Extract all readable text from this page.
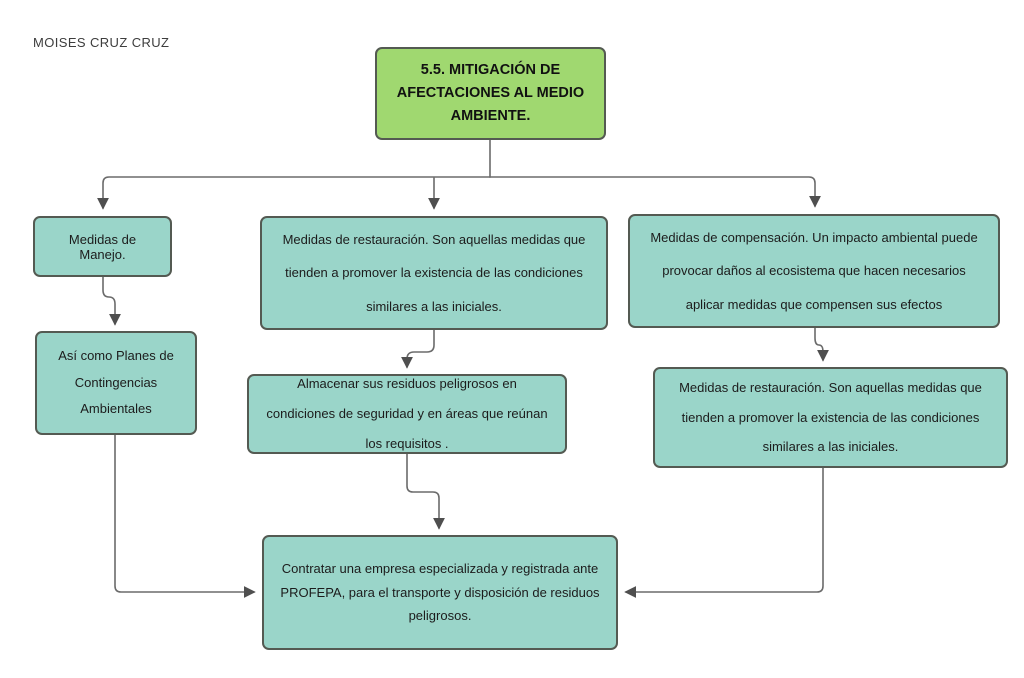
MOISES CRUZ CRUZ
5.5. MITIGACIÓN DE AFECTACIONES AL MEDIO AMBIENTE.
Medidas de Manejo.
Medidas de restauración. Son aquellas medidas que tienden a promover la existencia de las condiciones similares a las iniciales.
Medidas de compensación. Un impacto ambiental puede provocar daños al ecosistema que hacen necesarios aplicar medidas que compensen sus efectos
Así como Planes de Contingencias Ambientales
Almacenar sus residuos peligrosos en condiciones de seguridad y en áreas que reúnan los requisitos .
Medidas de restauración. Son aquellas medidas que tienden a promover la existencia de las condiciones similares a las iniciales.
Contratar una empresa especializada y registrada ante PROFEPA, para el transporte y disposición de residuos peligrosos.
